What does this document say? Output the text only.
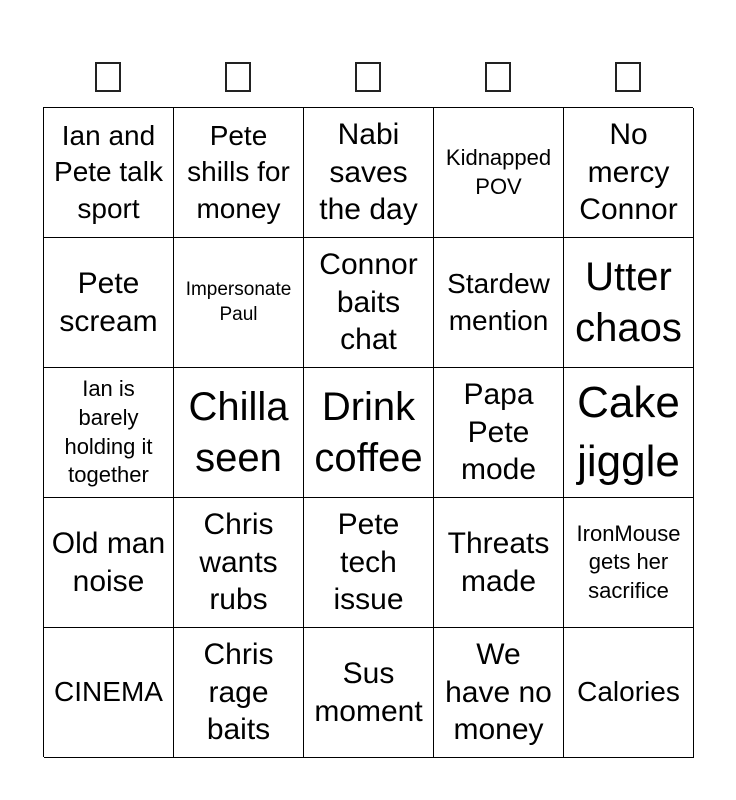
Ian and Pete talk sport
Pete shills for money
Nabi saves the day
Kidnapped POV
No mercy Connor
Pete scream
Impersonate Paul
Connor baits chat
Stardew mention
Utter chaos
Ian is barely holding it together
Chilla seen
Drink coffee
Papa Pete mode
Cake jiggle
Old man noise
Chris wants rubs
Pete tech issue
Threats made
IronMouse gets her sacrifice
CINEMA
Chris rage baits
Sus moment
We have no money
Calories
